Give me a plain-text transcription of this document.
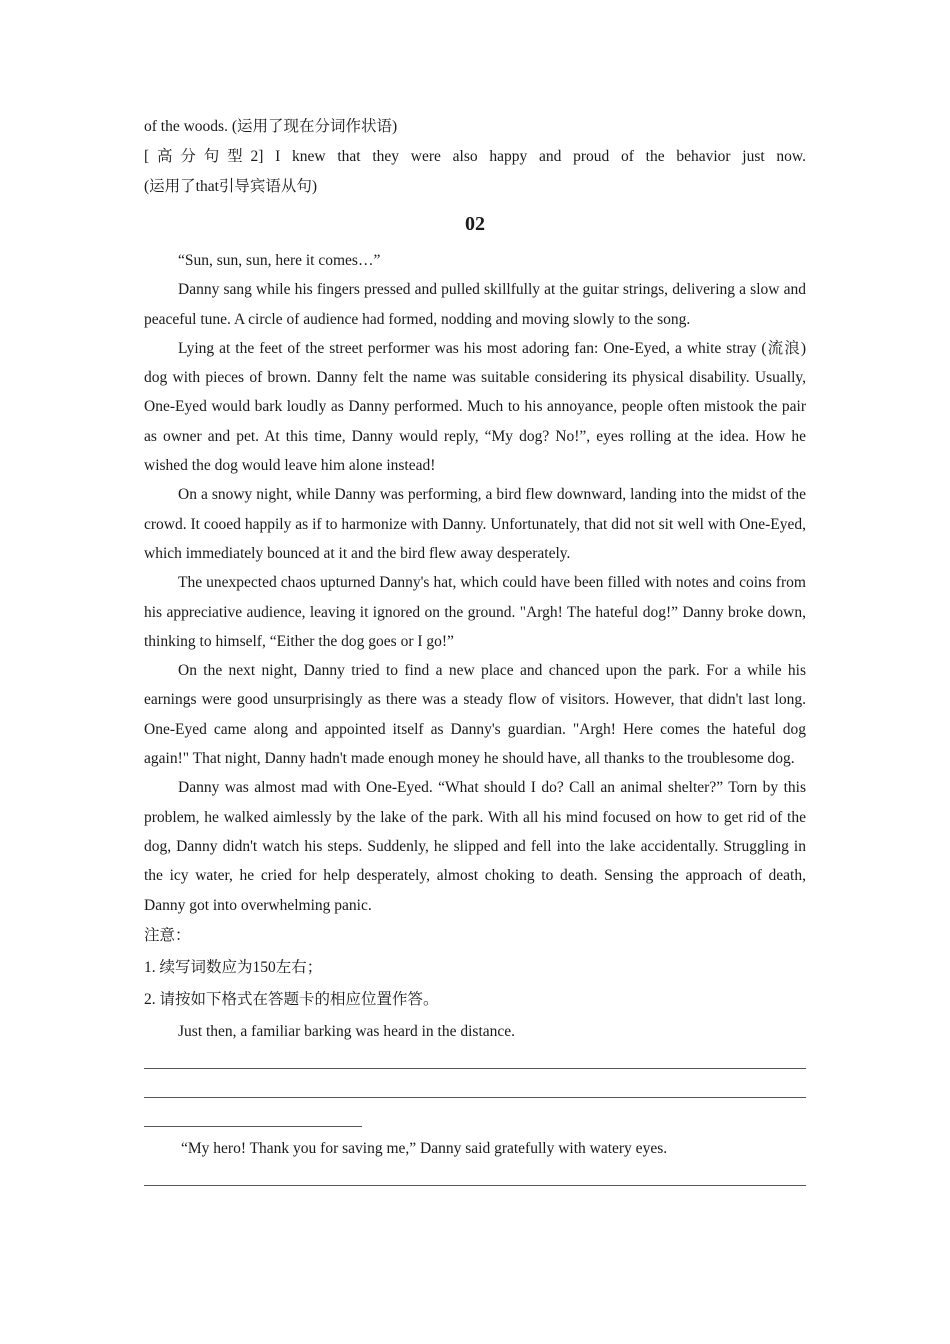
of the woods. (运用了现在分词作状语)
[高分句型2] I knew that they were also happy and proud of the behavior just now.
(运用了that引导宾语从句)
02

“Sun, sun, sun, here it comes…”

Danny sang while his fingers pressed and pulled skillfully at the guitar strings, delivering a slow and peaceful tune. A circle of audience had formed, nodding and moving slowly to the song.

Lying at the feet of the street performer was his most adoring fan: One-Eyed, a white stray (流浪) dog with pieces of brown. Danny felt the name was suitable considering its physical disability. Usually, One-Eyed would bark loudly as Danny performed. Much to his annoyance, people often mistook the pair as owner and pet. At this time, Danny would reply, “My dog? No!”, eyes rolling at the idea. How he wished the dog would leave him alone instead!

On a snowy night, while Danny was performing, a bird flew downward, landing into the midst of the crowd. It cooed happily as if to harmonize with Danny. Unfortunately, that did not sit well with One-Eyed, which immediately bounced at it and the bird flew away desperately.

The unexpected chaos upturned Danny's hat, which could have been filled with notes and coins from his appreciative audience, leaving it ignored on the ground. "Argh! The hateful dog!” Danny broke down, thinking to himself, “Either the dog goes or I go!”

On the next night, Danny tried to find a new place and chanced upon the park. For a while his earnings were good unsurprisingly as there was a steady flow of visitors. However, that didn't last long. One-Eyed came along and appointed itself as Danny's guardian. "Argh! Here comes the hateful dog again!" That night, Danny hadn't made enough money he should have, all thanks to the troublesome dog.

Danny was almost mad with One-Eyed. “What should I do? Call an animal shelter?” Torn by this problem, he walked aimlessly by the lake of the park. With all his mind focused on how to get rid of the dog, Danny didn't watch his steps. Suddenly, he slipped and fell into the lake accidentally. Struggling in the icy water, he cried for help desperately, almost choking to death. Sensing the approach of death, Danny got into overwhelming panic.

注意：

1. 续写词数应为150左右；

2. 请按如下格式在答题卡的相应位置作答。

Just then, a familiar barking was heard in the distance.

“My hero! Thank you for saving me,” Danny said gratefully with watery eyes.
